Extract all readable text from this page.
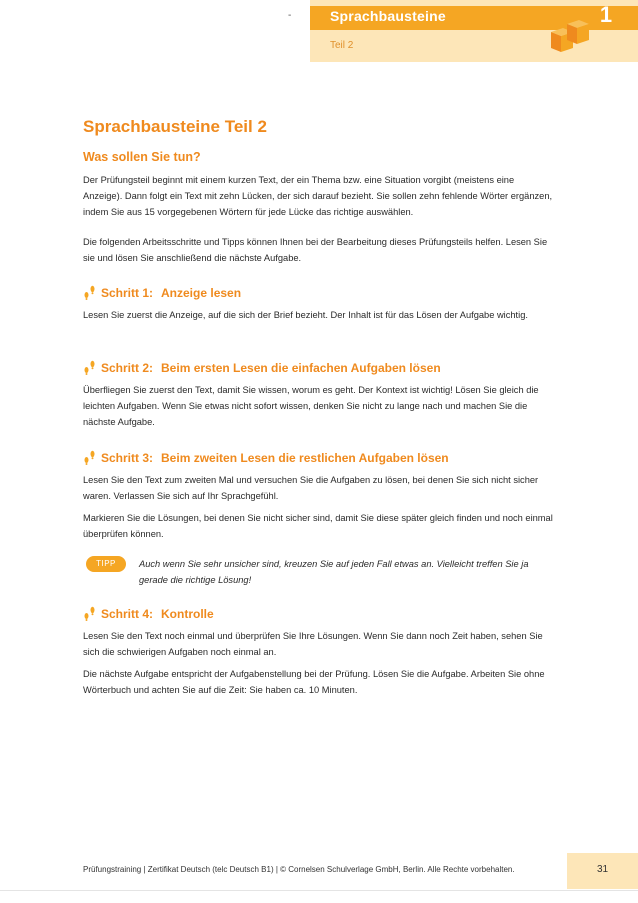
-	Sprachbausteine
Teil 2
1
Sprachbausteine Teil 2
Was sollen Sie tun?

Der Prüfungsteil beginnt mit einem kurzen Text, der ein Thema bzw. eine Situation vorgibt (meistens eine Anzeige). Dann folgt ein Text mit zehn Lücken, der sich darauf bezieht. Sie sollen zehn fehlende Wörter ergänzen, indem Sie aus 15 vorgegebenen Wörtern für jede Lücke das richtige auswählen.

Die folgenden Arbeitsschritte und Tipps können Ihnen bei der Bearbeitung dieses Prüfungsteils helfen. Lesen Sie sie und lösen Sie anschließend die nächste Aufgabe.

Schritt 1: Anzeige lesen

Lesen Sie zuerst die Anzeige, auf die sich der Brief bezieht. Der Inhalt ist für das Lösen der Aufgabe wichtig.

Schritt 2: Beim ersten Lesen die einfachen Aufgaben lösen

Überfliegen Sie zuerst den Text, damit Sie wissen, worum es geht. Der Kontext ist wichtig! Lösen Sie gleich die leichten Aufgaben. Wenn Sie etwas nicht sofort wissen, denken Sie nicht zu lange nach und machen Sie die nächste Aufgabe.

Schritt 3: Beim zweiten Lesen die restlichen Aufgaben lösen

Lesen Sie den Text zum zweiten Mal und versuchen Sie die Aufgaben zu lösen, bei denen Sie sich nicht sicher waren. Verlassen Sie sich auf Ihr Sprachgefühl.

Markieren Sie die Lösungen, bei denen Sie nicht sicher sind, damit Sie diese später gleich finden und noch einmal überprüfen können.

TIPP	Auch wenn Sie sehr unsicher sind, kreuzen Sie auf jeden Fall etwas an. Vielleicht treffen Sie ja gerade die richtige Lösung!

Schritt 4: Kontrolle

Lesen Sie den Text noch einmal und überprüfen Sie Ihre Lösungen. Wenn Sie dann noch Zeit haben, sehen Sie sich die schwierigen Aufgaben noch einmal an.

Die nächste Aufgabe entspricht der Aufgabenstellung bei der Prüfung. Lösen Sie die Aufgabe. Arbeiten Sie ohne Wörterbuch und achten Sie auf die Zeit: Sie haben ca. 10 Minuten.

Prüfungstraining | Zertifikat Deutsch (telc Deutsch B1) | © Cornelsen Schulverlage GmbH, Berlin. Alle Rechte vorbehalten.	31
